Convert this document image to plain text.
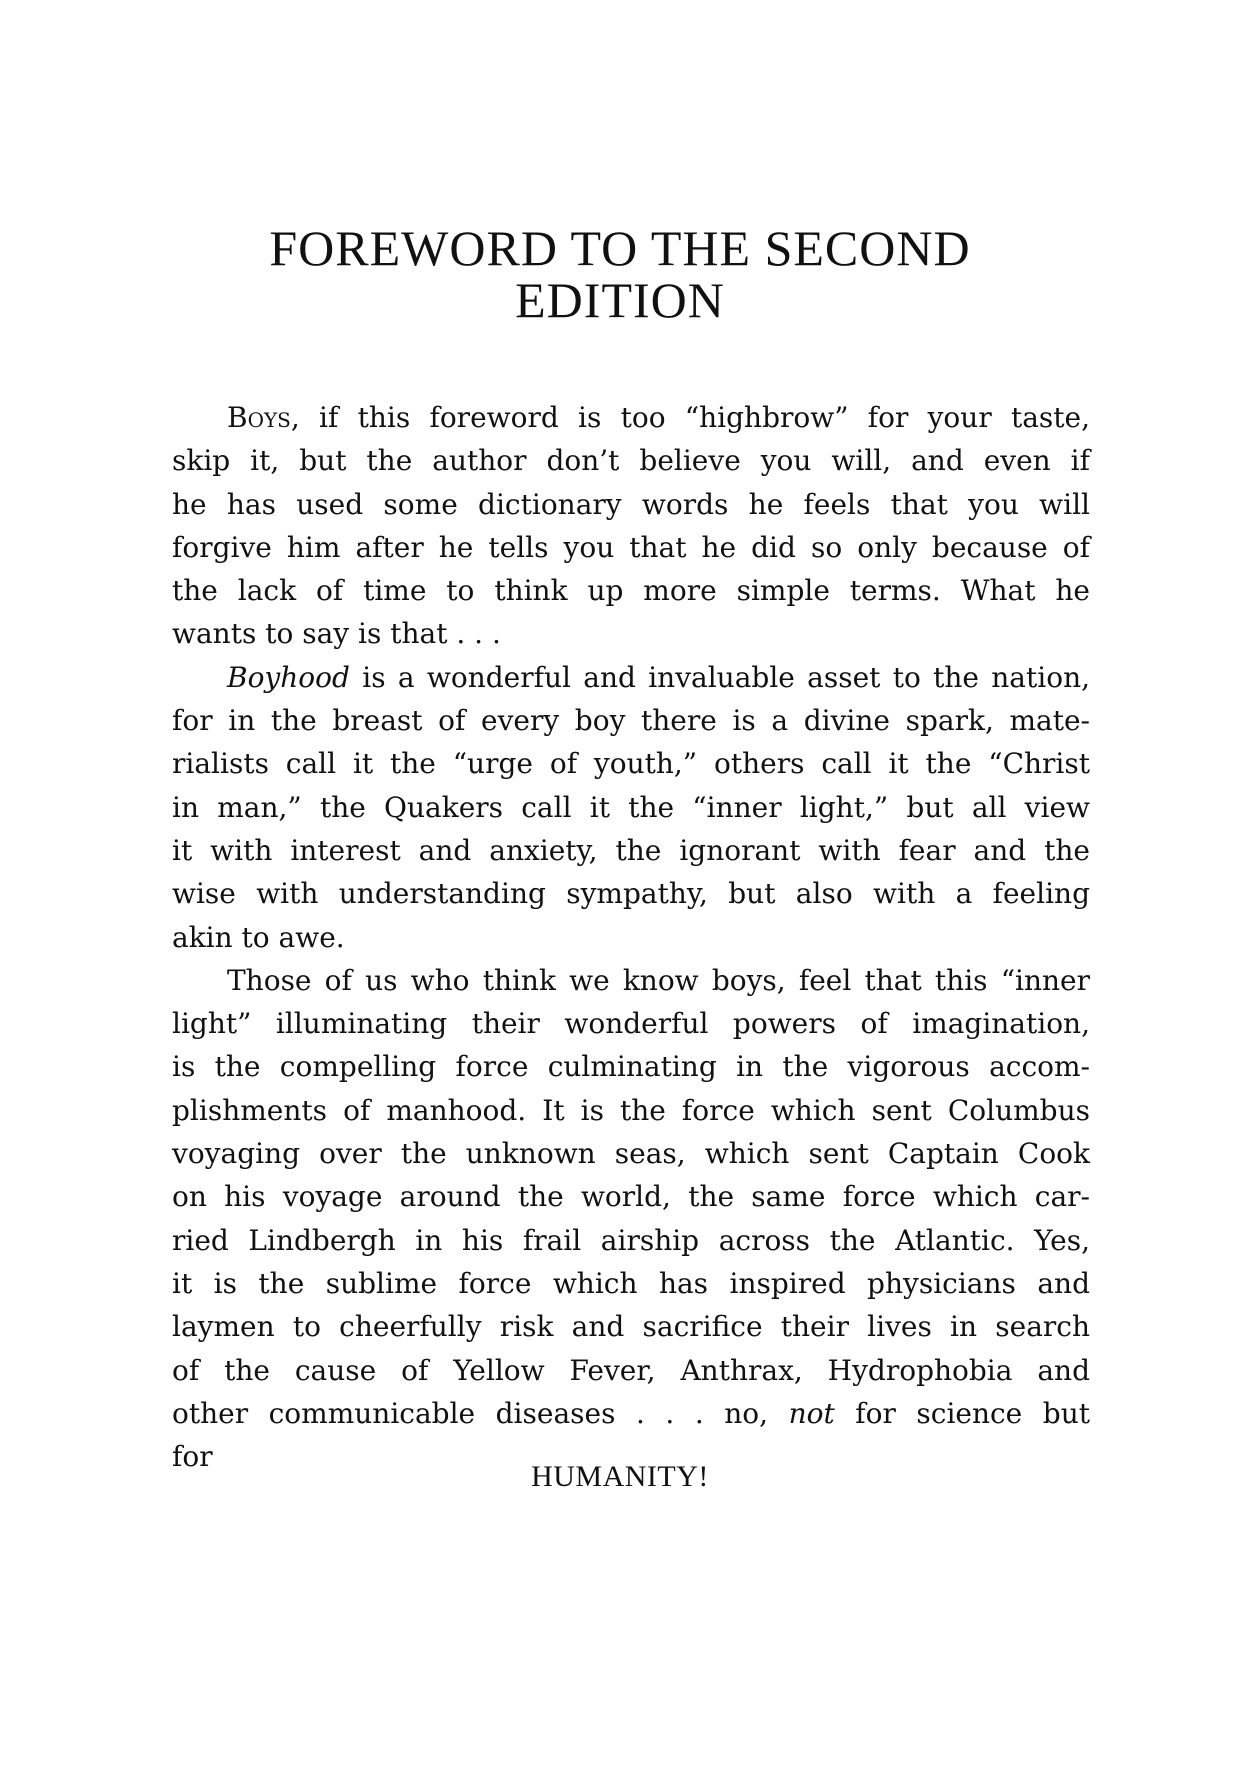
FOREWORD TO THE SECOND
EDITION
Boys, if this foreword is too “highbrow” for your taste,
skip it, but the author don’t believe you will, and even if
he has used some dictionary words he feels that you will
forgive him after he tells you that he did so only because of
the lack of time to think up more simple terms. What he
wants to say is that . . .
Boyhood is a wonderful and invaluable asset to the nation,
for in the breast of every boy there is a divine spark, mate-
rialists call it the “urge of youth,” others call it the “Christ
in man,” the Quakers call it the “inner light,” but all view
it with interest and anxiety, the ignorant with fear and the
wise with understanding sympathy, but also with a feeling
akin to awe.
Those of us who think we know boys, feel that this “inner
light” illuminating their wonderful powers of imagination,
is the compelling force culminating in the vigorous accom-
plishments of manhood. It is the force which sent Columbus
voyaging over the unknown seas, which sent Captain Cook
on his voyage around the world, the same force which car-
ried Lindbergh in his frail airship across the Atlantic. Yes,
it is the sublime force which has inspired physicians and
laymen to cheerfully risk and sacrifice their lives in search
of the cause of Yellow Fever, Anthrax, Hydrophobia and
other communicable diseases . . . no, not for science but
for
HUMANITY!
